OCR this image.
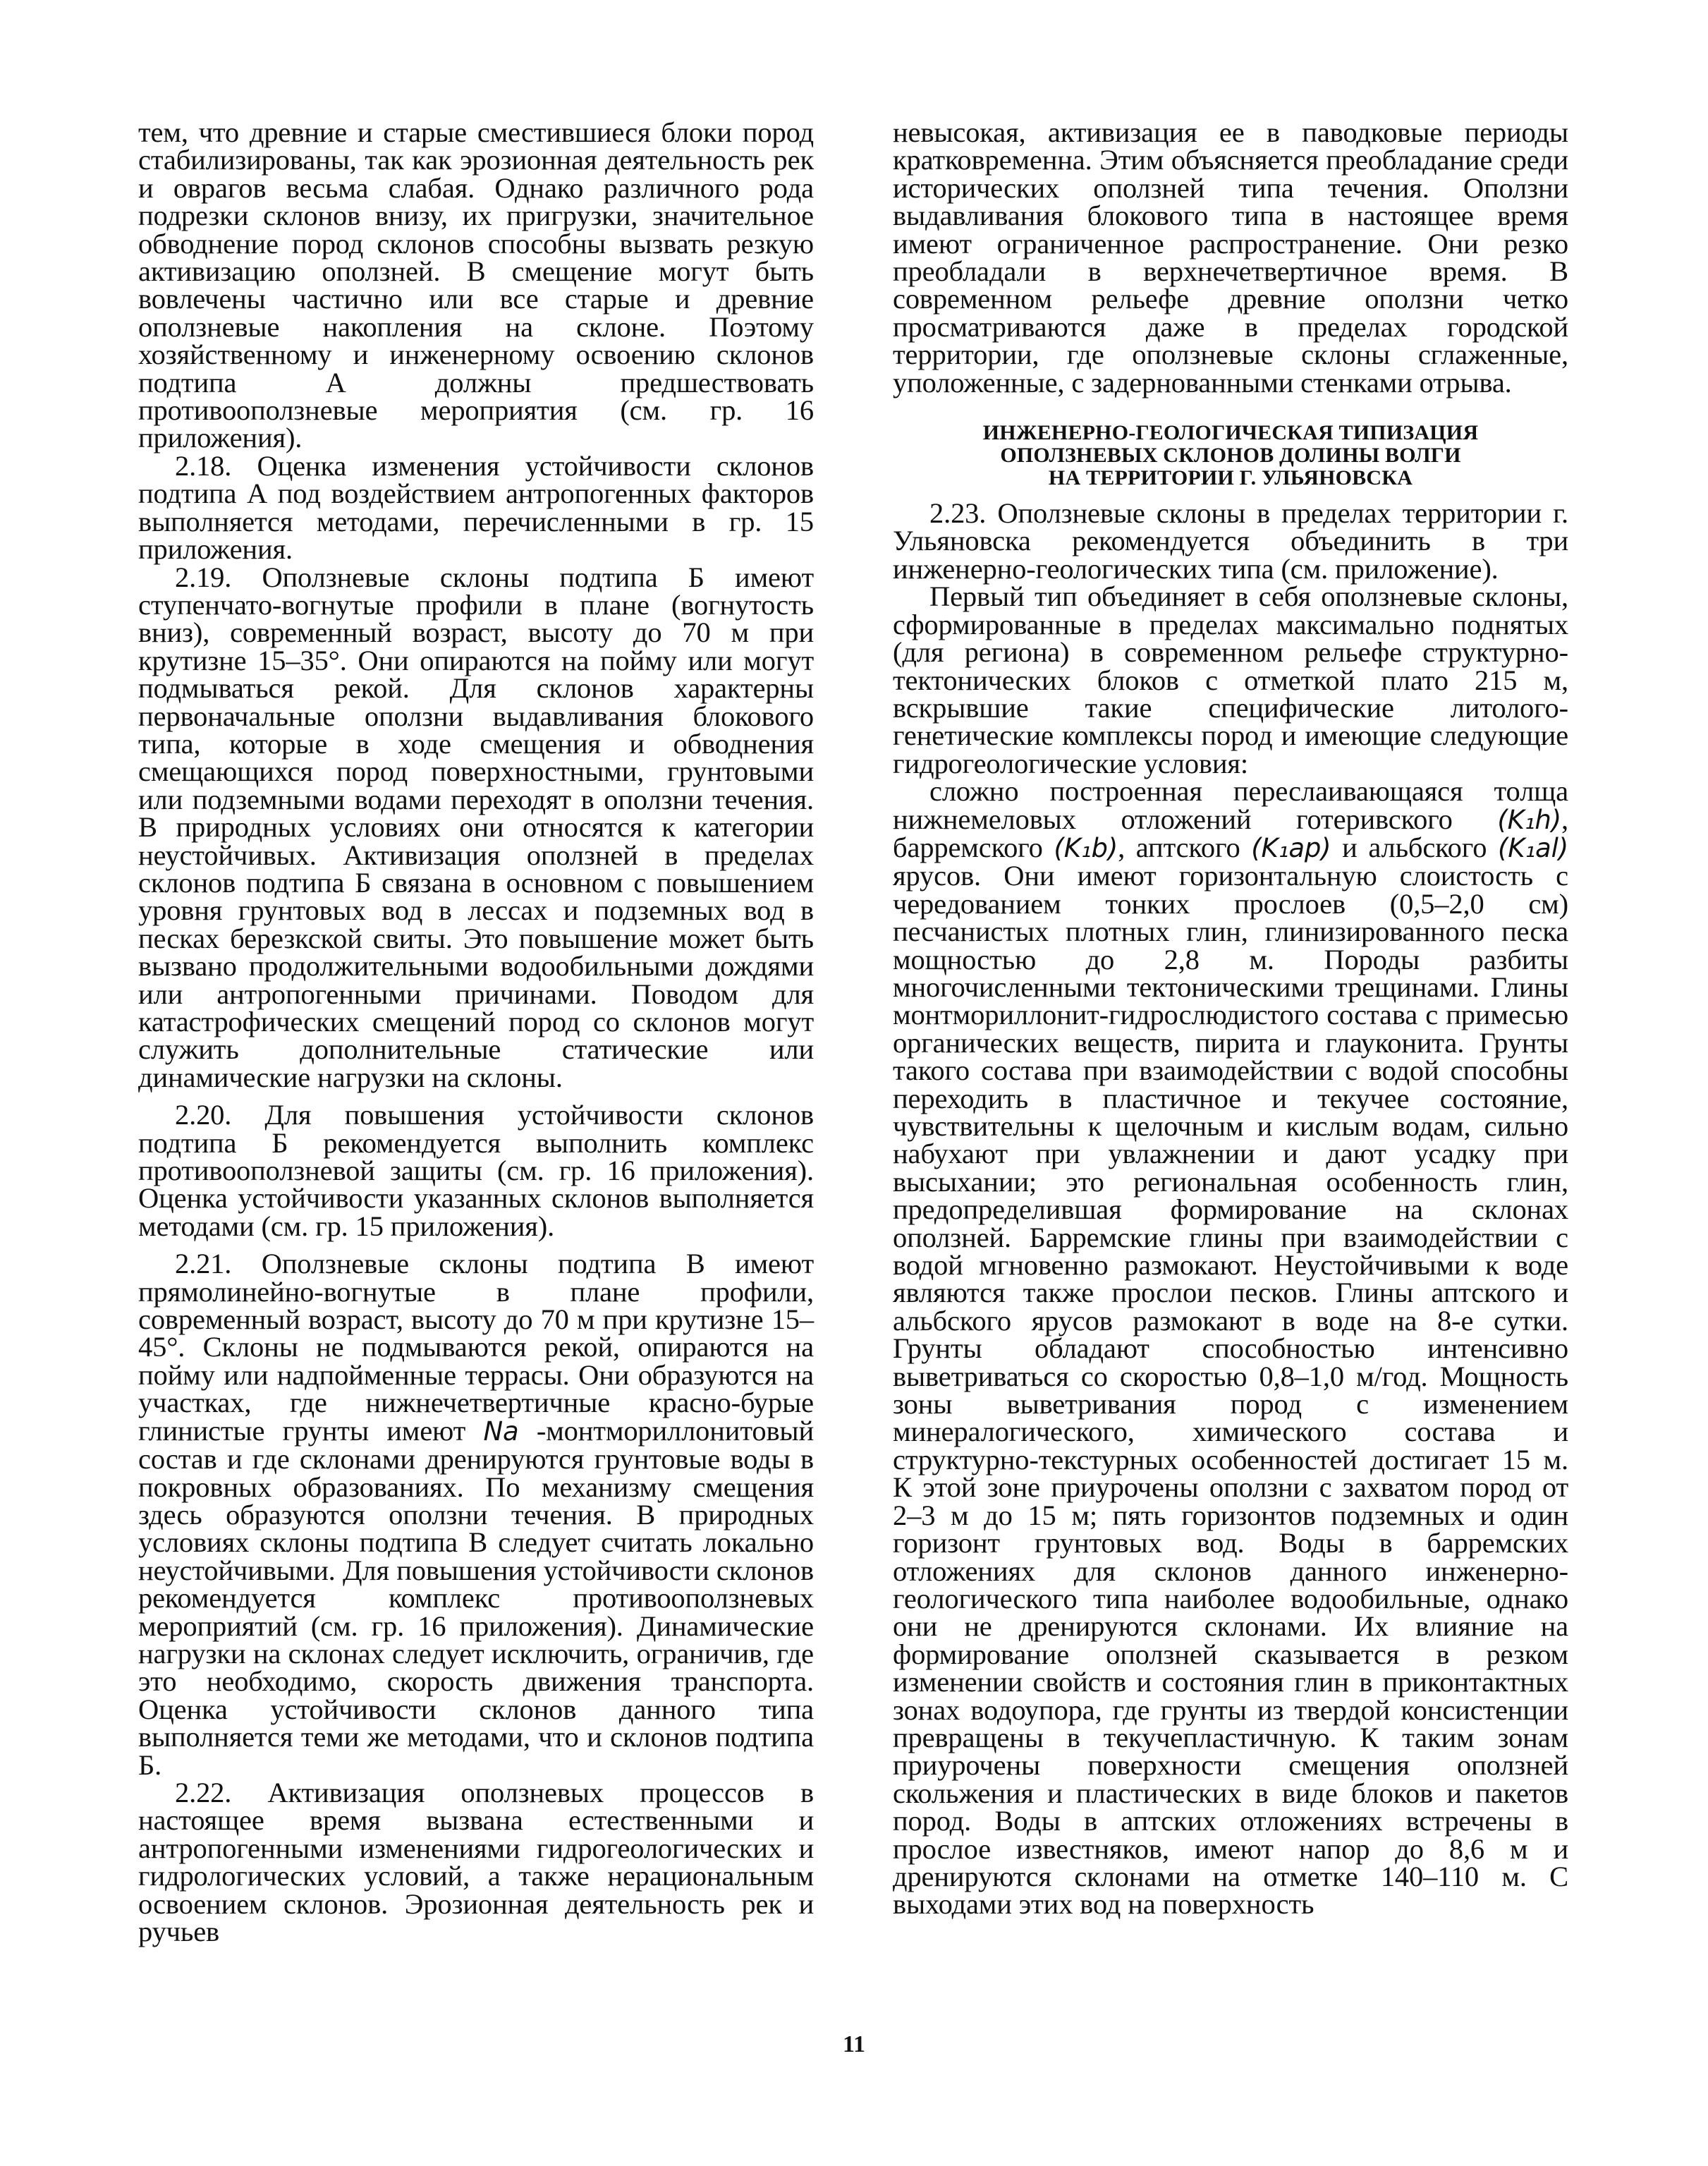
тем, что древние и старые сместившиеся блоки пород стабилизированы, так как эрозионная деятельность рек и оврагов весьма слабая. Однако различного рода подрезки склонов внизу, их пригрузки, значительное обводнение пород склонов способны вызвать резкую активизацию оползней. В смещение могут быть вовлечены частично или все старые и древние оползневые накопления на склоне. Поэтому хозяйственному и инженерному освоению склонов подтипа А должны предшествовать противооползневые мероприятия (см. гр. 16 приложения).

2.18. Оценка изменения устойчивости склонов подтипа А под воздействием антропогенных факторов выполняется методами, перечисленными в гр. 15 приложения.

2.19. Оползневые склоны подтипа Б имеют ступенчато-вогнутые профили в плане (вогнутость вниз), современный возраст, высоту до 70 м при крутизне 15–35°. Они опираются на пойму или могут подмываться рекой. Для склонов характерны первоначальные оползни выдавливания блокового типа, которые в ходе смещения и обводнения смещающихся пород поверхностными, грунтовыми или подземными водами переходят в оползни течения. В природных условиях они относятся к категории неустойчивых. Активизация оползней в пределах склонов подтипа Б связана в основном с повышением уровня грунтовых вод в лессах и подземных вод в песках березкской свиты. Это повышение может быть вызвано продолжительными водообильными дождями или антропогенными причинами. Поводом для катастрофических смещений пород со склонов могут служить дополнительные статические или динамические нагрузки на склоны.

2.20. Для повышения устойчивости склонов подтипа Б рекомендуется выполнить комплекс противооползневой защиты (см. гр. 16 приложения). Оценка устойчивости указанных склонов выполняется методами (см. гр. 15 приложения).

2.21. Оползневые склоны подтипа В имеют прямолинейно-вогнутые в плане профили, современный возраст, высоту до 70 м при крутизне 15–45°. Склоны не подмываются рекой, опираются на пойму или надпойменные террасы. Они образуются на участках, где нижнечетвертичные красно-бурые глинистые грунты имеют Na -монтмориллонитовый состав и где склонами дренируются грунтовые воды в покровных образованиях. По механизму смещения здесь образуются оползни течения. В природных условиях склоны подтипа В следует считать локально неустойчивыми. Для повышения устойчивости склонов рекомендуется комплекс противооползневых мероприятий (см. гр. 16 приложения). Динамические нагрузки на склонах следует исключить, ограничив, где это необходимо, скорость движения транспорта. Оценка устойчивости склонов данного типа выполняется теми же методами, что и склонов подтипа Б.

2.22. Активизация оползневых процессов в настоящее время вызвана естественными и антропогенными изменениями гидрогеологических и гидрологических условий, а также нерациональным освоением склонов. Эрозионная деятельность рек и ручьев

невысокая, активизация ее в паводковые периоды кратковременна. Этим объясняется преобладание среди исторических оползней типа течения. Оползни выдавливания блокового типа в настоящее время имеют ограниченное распространение. Они резко преобладали в верхнечетвертичное время. В современном рельефе древние оползни четко просматриваются даже в пределах городской территории, где оползневые склоны сглаженные, уположенные, с задернованными стенками отрыва.

ИНЖЕНЕРНО-ГЕОЛОГИЧЕСКАЯ ТИПИЗАЦИЯ
ОПОЛЗНЕВЫХ СКЛОНОВ ДОЛИНЫ ВОЛГИ
НА ТЕРРИТОРИИ Г. УЛЬЯНОВСКА

2.23. Оползневые склоны в пределах территории г. Ульяновска рекомендуется объединить в три инженерно-геологических типа (см. приложение).

Первый тип объединяет в себя оползневые склоны, сформированные в пределах максимально поднятых (для региона) в современном рельефе структурно-тектонических блоков с отметкой плато 215 м, вскрывшие такие специфические литолого-генетические комплексы пород и имеющие следующие гидрогеологические условия:

сложно построенная переслаивающаяся толща нижнемеловых отложений готеривского (K₁h), барремского (K₁b), аптского (K₁ap) и альбского (K₁al) ярусов. Они имеют горизонтальную слоистость с чередованием тонких прослоев (0,5–2,0 см) песчанистых плотных глин, глинизированного песка мощностью до 2,8 м. Породы разбиты многочисленными тектоническими трещинами. Глины монтмориллонит-гидрослюдистого состава с примесью органических веществ, пирита и глауконита. Грунты такого состава при взаимодействии с водой способны переходить в пластичное и текучее состояние, чувствительны к щелочным и кислым водам, сильно набухают при увлажнении и дают усадку при высыхании; это региональная особенность глин, предопределившая формирование на склонах оползней. Барремские глины при взаимодействии с водой мгновенно размокают. Неустойчивыми к воде являются также прослои песков. Глины аптского и альбского ярусов размокают в воде на 8-е сутки. Грунты обладают способностью интенсивно выветриваться со скоростью 0,8–1,0 м/год. Мощность зоны выветривания пород с изменением минералогического, химического состава и структурно-текстурных особенностей достигает 15 м. К этой зоне приурочены оползни с захватом пород от 2–3 м до 15 м; пять горизонтов подземных и один горизонт грунтовых вод. Воды в барремских отложениях для склонов данного инженерно-геологического типа наиболее водообильные, однако они не дренируются склонами. Их влияние на формирование оползней сказывается в резком изменении свойств и состояния глин в приконтактных зонах водоупора, где грунты из твердой консистенции превращены в текучепластичную. К таким зонам приурочены поверхности смещения оползней скольжения и пластических в виде блоков и пакетов пород. Воды в аптских отложениях встречены в прослое известняков, имеют напор до 8,6 м и дренируются склонами на отметке 140–110 м. С выходами этих вод на поверхность

11
